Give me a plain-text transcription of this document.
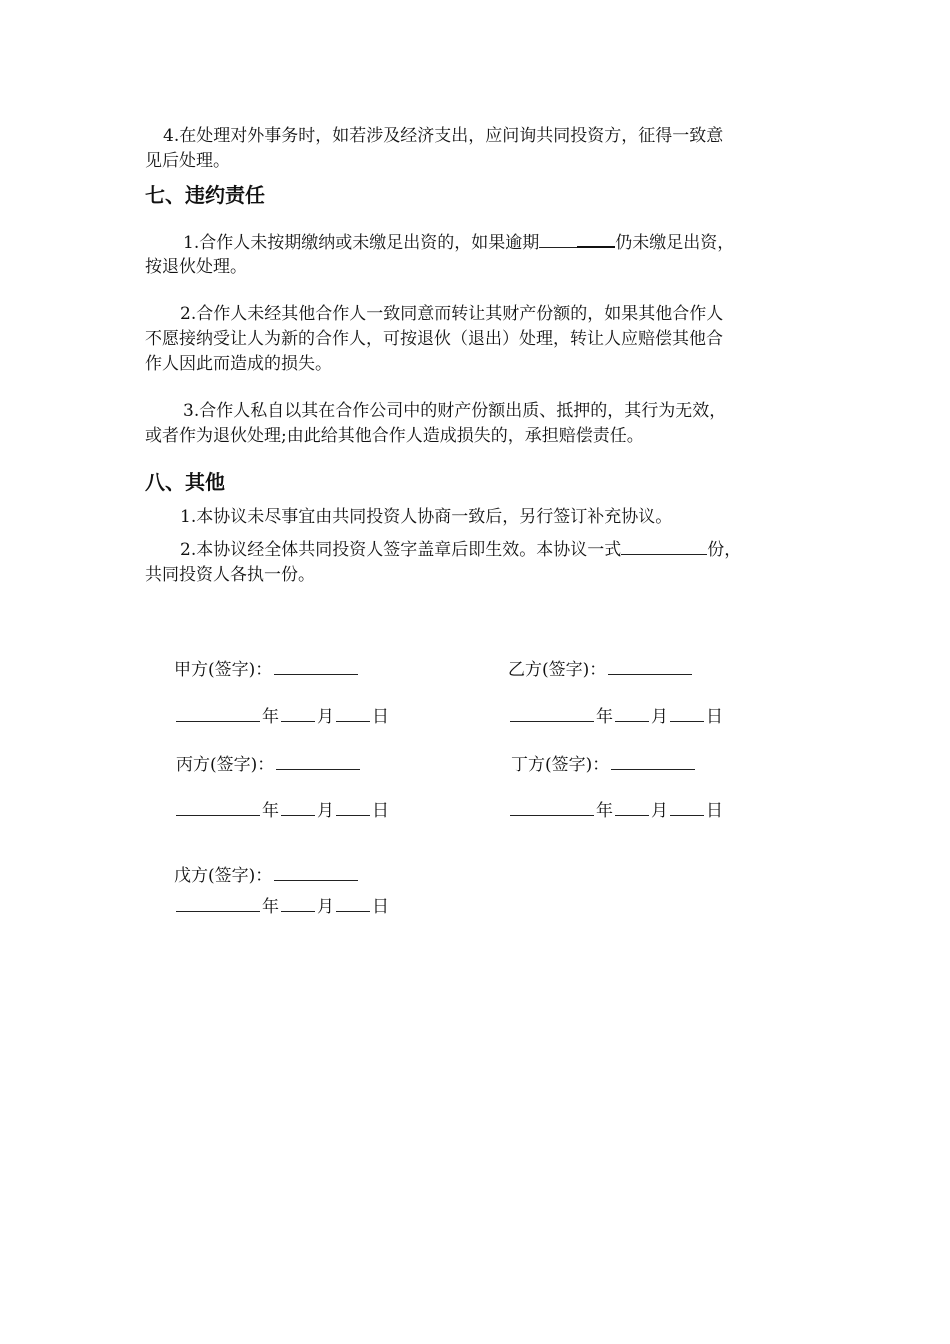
4.在处理对外事务时，如若涉及经济支出，应问询共同投资方，征得一致意

见后处理。

七、违约责任

1.合作人未按期缴纳或未缴足出资的，如果逾期	仍未缴足出资，

按退伙处理。

2.合作人未经其他合作人一致同意而转让其财产份额的，如果其他合作人

不愿接纳受让人为新的合作人，可按退伙（退出）处理，转让人应赔偿其他合

作人因此而造成的损失。

3.合作人私自以其在合作公司中的财产份额出质、抵押的，其行为无效，

或者作为退伙处理;由此给其他合作人造成损失的，承担赔偿责任。

八、其他

1.本协议未尽事宜由共同投资人协商一致后，另行签订补充协议。

2.本协议经全体共同投资人签字盖章后即生效。本协议一式	份，

共同投资人各执一份。

甲方(签字)：
年 月 日
乙方(签字)：
年 月 日
丙方(签字)：
年 月 日
丁方(签字)：
年 月 日
戊方(签字)：
年 月 日
